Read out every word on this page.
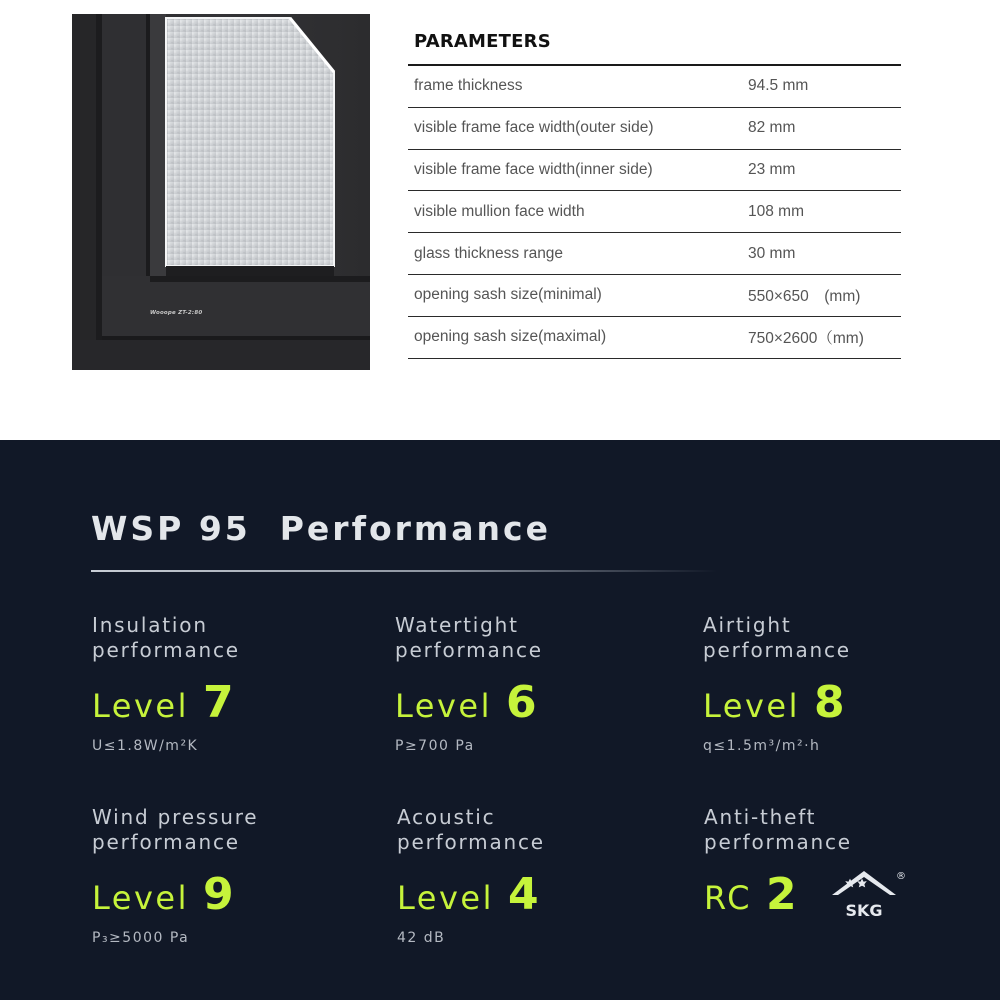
Wooope ZT-2:80
PARAMETERS
frame thickness	94.5 mm
visible frame face width(outer side)	82 mm
visible frame face width(inner side)	23 mm
visible mullion face width	108 mm
glass thickness range	30 mm
opening sash size(minimal)	550×650　(mm)
opening sash size(maximal)	750×2600（mm)
WSP 95  Performance
Insulation
performance
Level 7
U≤1.8W/m²K
Watertight
performance
Level 6
P≥700 Pa
Airtight
performance
Level 8
q≤1.5m³/m²·h
Wind pressure
performance
Level 9
P₃≥5000 Pa
Acoustic
performance
Level 4
42 dB
Anti-theft
performance
RC 2	SKG
®
